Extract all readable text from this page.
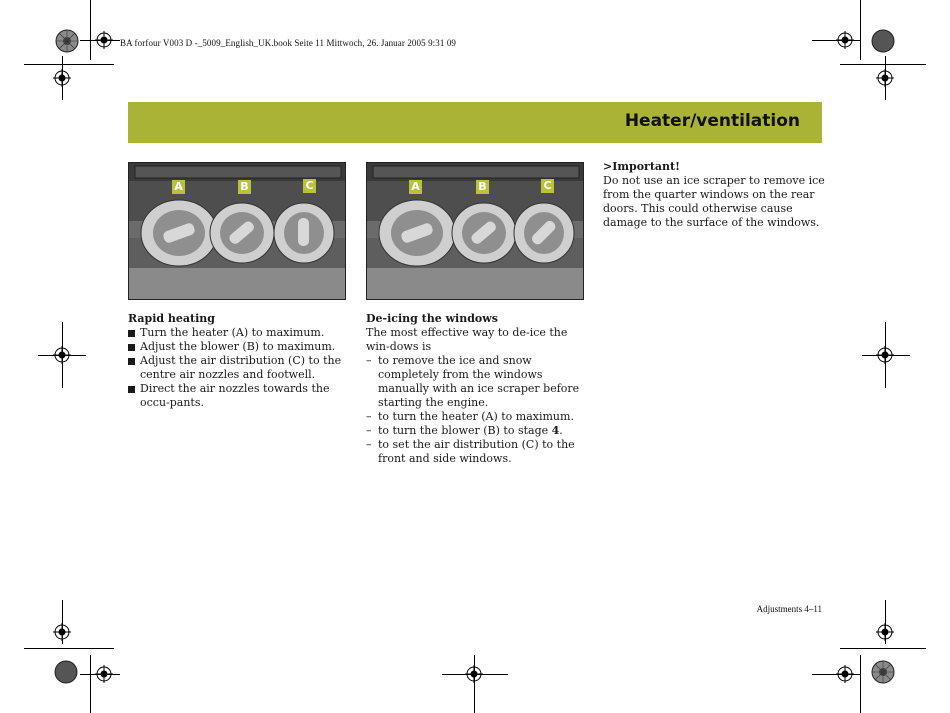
BA forfour V003 D -_5009_English_UK.book Seite 11 Mittwoch, 26. Januar 2005 9:31 09
Heater/ventilation
A	B	C	A	B	C
Rapid heating
Turn the heater (A) to maximum.
Adjust the blower (B) to maximum.
Adjust the air distribution (C) to the centre air nozzles and footwell.
Direct the air nozzles towards the occu-pants.
De-icing the windows
The most effective way to de-ice the win-dows is
– to remove the ice and snow completely from the windows manually with an ice scraper before starting the engine.
– to turn the heater (A) to maximum.
– to turn the blower (B) to stage 4.
– to set the air distribution (C) to the front and side windows.
>Important!
Do not use an ice scraper to remove ice from the quarter windows on the rear doors. This could otherwise cause damage to the surface of the windows.
Adjustments 4–11
